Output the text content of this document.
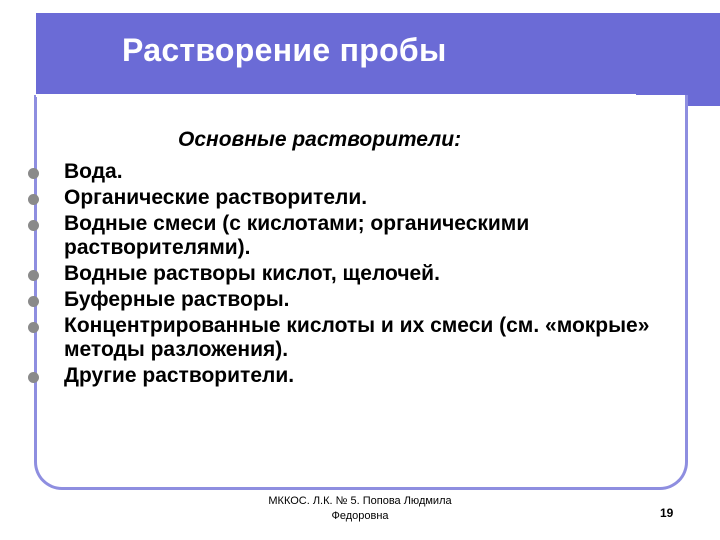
Растворение пробы
Основные растворители:
Вода.
Органические растворители.
Водные смеси (с кислотами; органическими растворителями).
Водные растворы кислот, щелочей.
Буферные растворы.
Концентрированные кислоты и их смеси (см. «мокрые» методы разложения).
Другие растворители.
МККОС. Л.К. № 5. Попова Людмила
Федоровна	19
